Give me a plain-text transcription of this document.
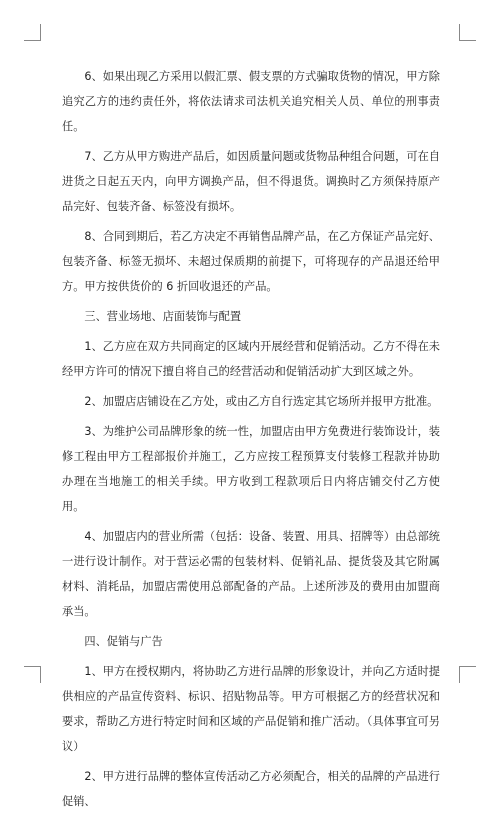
6、如果出现乙方采用以假汇票、假支票的方式骗取货物的情况，甲方除追究乙方的违约责任外，将依法请求司法机关追究相关人员、单位的刑事责任。

7、乙方从甲方购进产品后，如因质量问题或货物品种组合问题，可在自进货之日起五天内，向甲方调换产品，但不得退货。调换时乙方须保持原产品完好、包装齐备、标签没有损坏。

8、合同到期后，若乙方决定不再销售品牌产品，在乙方保证产品完好、包装齐备、标签无损坏、未超过保质期的前提下，可将现存的产品退还给甲方。甲方按供货价的 6 折回收退还的产品。

三、营业场地、店面装饰与配置

1、乙方应在双方共同商定的区域内开展经营和促销活动。乙方不得在未经甲方许可的情况下擅自将自己的经营活动和促销活动扩大到区域之外。

2、加盟店店铺设在乙方处，或由乙方自行选定其它场所并报甲方批准。

3、为维护公司品牌形象的统一性，加盟店由甲方免费进行装饰设计，装修工程由甲方工程部报价并施工，乙方应按工程预算支付装修工程款并协助办理在当地施工的相关手续。甲方收到工程款项后日内将店铺交付乙方使用。

4、加盟店内的营业所需（包括：设备、装置、用具、招牌等）由总部统一进行设计制作。对于营运必需的包装材料、促销礼品、提货袋及其它附属材料、消耗品，加盟店需使用总部配备的产品。上述所涉及的费用由加盟商承当。

四、促销与广告

1、甲方在授权期内，将协助乙方进行品牌的形象设计，并向乙方适时提供相应的产品宣传资料、标识、招贴物品等。甲方可根据乙方的经营状况和要求，帮助乙方进行特定时间和区域的产品促销和推广活动。（具体事宜可另议）

2、甲方进行品牌的整体宣传活动乙方必须配合，相关的品牌的产品进行促销、
